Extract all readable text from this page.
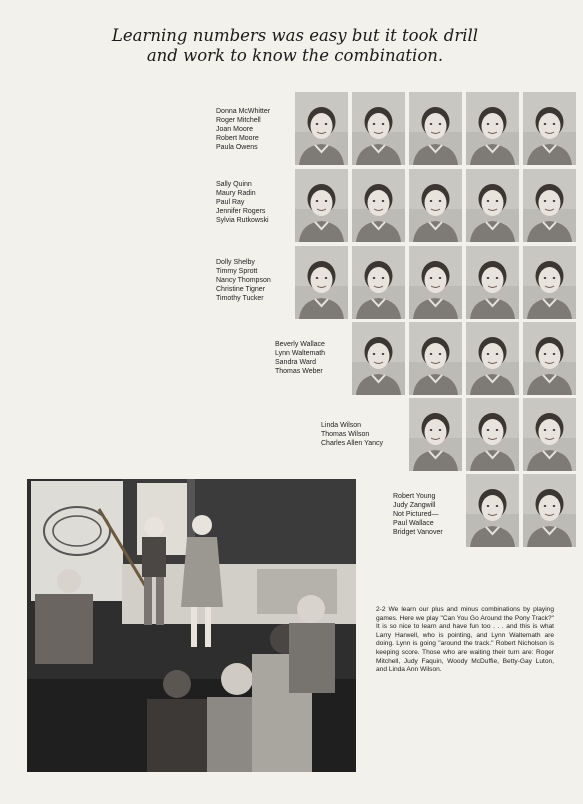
Learning numbers was easy but it took drill
and work to know the combination.
Donna McWhitter
Roger Mitchell
Joan Moore
Robert Moore
Paula Owens
Sally Quinn
Maury Radin
Paul Ray
Jennifer Rogers
Sylvia Rutkowski
Dolly Shelby
Timmy Sprott
Nancy Thompson
Christine Tigner
Timothy Tucker
Beverly Wallace
Lynn Waltemath
Sandra Ward
Thomas Weber
Linda Wilson
Thomas Wilson
Charles Allen Yancy
Robert Young
Judy Zangwill
Not Pictured—
Paul Wallace
Bridget Vanover
2-2 We learn our plus and minus combinations by playing games. Here we play "Can You Go Around the Pony Track?" It is so nice to learn and have fun too . . . and this is what Larry Harwell, who is pointing, and Lynn Waltemath are doing. Lynn is going "around the track." Robert Nicholson is keeping score. Those who are waiting their turn are: Roger Mitchell, Judy Faquin, Woody McDuffie, Betty-Gay Luton, and Linda Ann Wilson.
